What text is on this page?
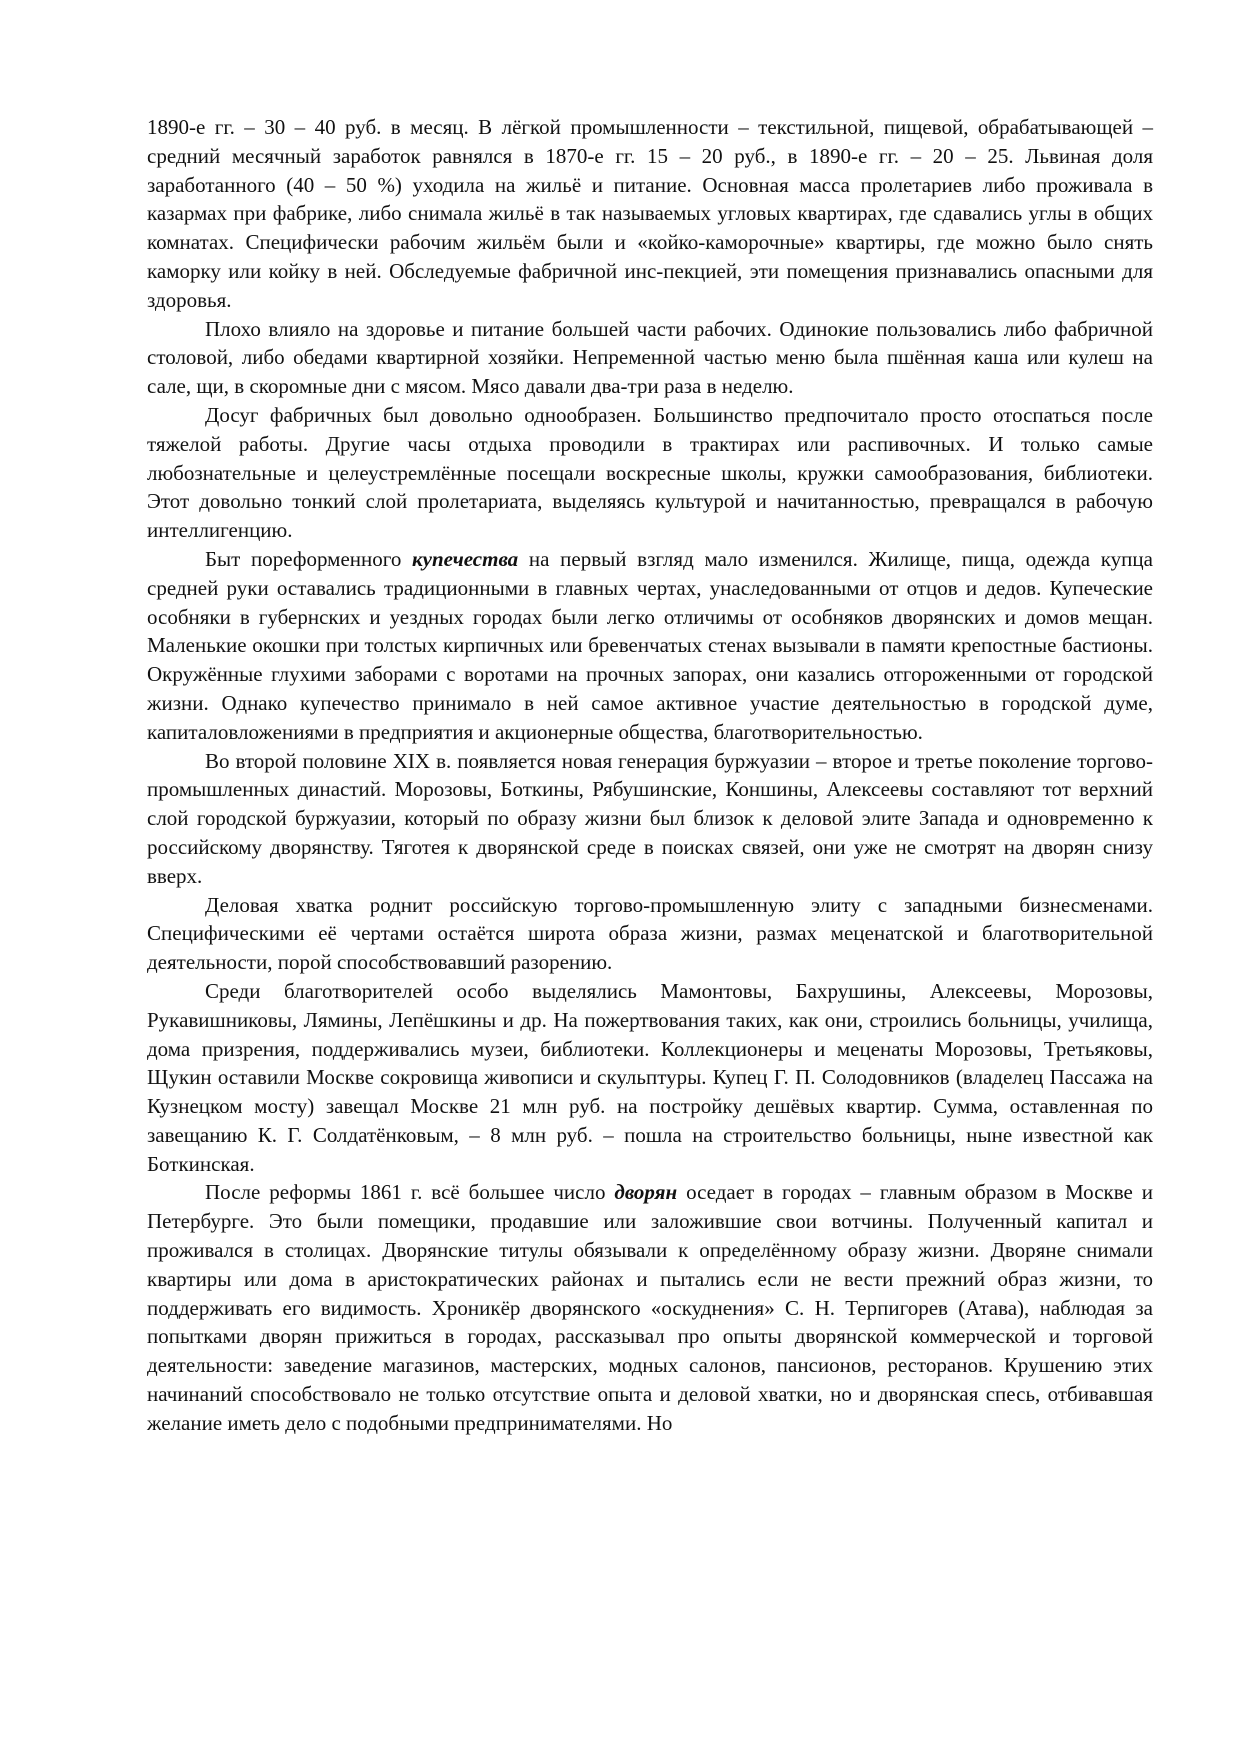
1890-е гг. – 30 – 40 руб. в месяц. В лёгкой промышленности – текстильной, пищевой, обрабатывающей – средний месячный заработок равнялся в 1870-е гг. 15 – 20 руб., в 1890-е гг. – 20 – 25. Львиная доля заработанного (40 – 50 %) уходила на жильё и питание. Основная масса пролетариев либо проживала в казармах при фабрике, либо снимала жильё в так называемых угловых квартирах, где сдавались углы в общих комнатах. Специфически рабочим жильём были и «койко-каморочные» квартиры, где можно было снять каморку или койку в ней. Обследуемые фабричной инс-пекцией, эти помещения признавались опасными для здоровья.

Плохо влияло на здоровье и питание большей части рабочих. Одинокие пользовались либо фабричной столовой, либо обедами квартирной хозяйки. Непременной частью меню была пшённая каша или кулеш на сале, щи, в скоромные дни с мясом. Мясо давали два-три раза в неделю.

Досуг фабричных был довольно однообразен. Большинство предпочитало просто отоспаться после тяжелой работы. Другие часы отдыха проводили в трактирах или распивочных. И только самые любознательные и целеустремлённые посещали воскресные школы, кружки самообразования, библиотеки. Этот довольно тонкий слой пролетариата, выделяясь культурой и начитанностью, превращался в рабочую интеллигенцию.

Быт пореформенного купечества на первый взгляд мало изменился. Жилище, пища, одежда купца средней руки оставались традиционными в главных чертах, унаследованными от отцов и дедов. Купеческие особняки в губернских и уездных городах были легко отличимы от особняков дворянских и домов мещан. Маленькие окошки при толстых кирпичных или бревенчатых стенах вызывали в памяти крепостные бастионы. Окружённые глухими заборами с воротами на прочных запорах, они казались отгороженными от городской жизни. Однако купечество принимало в ней самое активное участие деятельностью в городской думе, капиталовложениями в предприятия и акционерные общества, благотворительностью.

Во второй половине XIX в. появляется новая генерация буржуазии – второе и третье поколение торгово-промышленных династий. Морозовы, Боткины, Рябушинские, Коншины, Алексеевы составляют тот верхний слой городской буржуазии, который по образу жизни был близок к деловой элите Запада и одновременно к российскому дворянству. Тяготея к дворянской среде в поисках связей, они уже не смотрят на дворян снизу вверх.

Деловая хватка роднит российскую торгово-промышленную элиту с западными бизнесменами. Специфическими её чертами остаётся широта образа жизни, размах меценатской и благотворительной деятельности, порой способствовавший разорению.

Среди благотворителей особо выделялись Мамонтовы, Бахрушины, Алексеевы, Морозовы, Рукавишниковы, Лямины, Лепёшкины и др. На пожертвования таких, как они, строились больницы, училища, дома призрения, поддерживались музеи, библиотеки. Коллекционеры и меценаты Морозовы, Третьяковы, Щукин оставили Москве сокровища живописи и скульптуры. Купец Г. П. Солодовников (владелец Пассажа на Кузнецком мосту) завещал Москве 21 млн руб. на постройку дешёвых квартир. Сумма, оставленная по завещанию К. Г. Солдатёнковым, – 8 млн руб. – пошла на строительство больницы, ныне известной как Боткинская.

После реформы 1861 г. всё большее число дворян оседает в городах – главным образом в Москве и Петербурге. Это были помещики, продавшие или заложившие свои вотчины. Полученный капитал и проживался в столицах. Дворянские титулы обязывали к определённому образу жизни. Дворяне снимали квартиры или дома в аристократических районах и пытались если не вести прежний образ жизни, то поддерживать его видимость. Хроникёр дворянского «оскуднения» С. Н. Терпигорев (Атава), наблюдая за попытками дворян прижиться в городах, рассказывал про опыты дворянской коммерческой и торговой деятельности: заведение магазинов, мастерских, модных салонов, пансионов, ресторанов. Крушению этих начинаний способствовало не только отсутствие опыта и деловой хватки, но и дворянская спесь, отбивавшая желание иметь дело с подобными предпринимателями. Но
